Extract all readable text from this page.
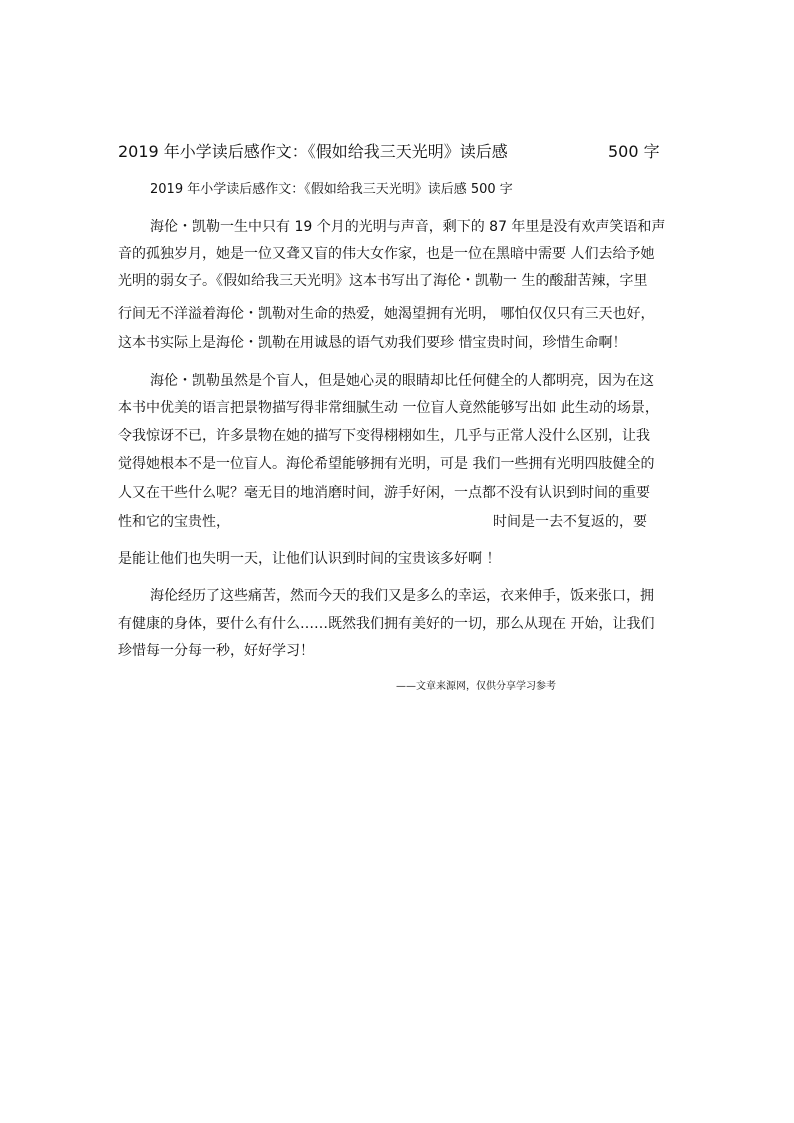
2019 年小学读后感作文：《假如给我三天光明》读后感	500 字
2019 年小学读后感作文：《假如给我三天光明》读后感 500 字
海伦・凯勒一生中只有 19 个月的光明与声音，剩下的 87 年里是没有欢声笑语和声
音的孤独岁月，她是一位又聋又盲的伟大女作家，也是一位在黑暗中需要 人们去给予她
光明的弱女子。《假如给我三天光明》这本书写出了海伦・凯勒一 生的酸甜苦辣，字里
行间无不洋溢着海伦・凯勒对生命的热爱，她渴望拥有光明， 哪怕仅仅只有三天也好，
这本书实际上是海伦・凯勒在用诚恳的语气劝我们要珍 惜宝贵时间，珍惜生命啊！
海伦・凯勒虽然是个盲人，但是她心灵的眼睛却比任何健全的人都明亮，因为在这
本书中优美的语言把景物描写得非常细腻生动 一位盲人竟然能够写出如 此生动的场景，
令我惊讶不已，许多景物在她的描写下变得栩栩如生，几乎与正常人没什么区别，让我
觉得她根本不是一位盲人。海伦希望能够拥有光明，可是 我们一些拥有光明四肢健全的
人又在干些什么呢？毫无目的地消磨时间，游手好闲，一点都不没有认识到时间的重要
性和它的宝贵性，	时间是一去不复返的，要
是能让他们也失明一天，让他们认识到时间的宝贵该多好啊 ！
海伦经历了这些痛苦，然而今天的我们又是多么的幸运，衣来伸手，饭来张口，拥
有健康的身体，要什么有什么……既然我们拥有美好的一切，那么从现在 开始，让我们
珍惜每一分每一秒，好好学习！
——文章来源网，仅供分享学习参考
